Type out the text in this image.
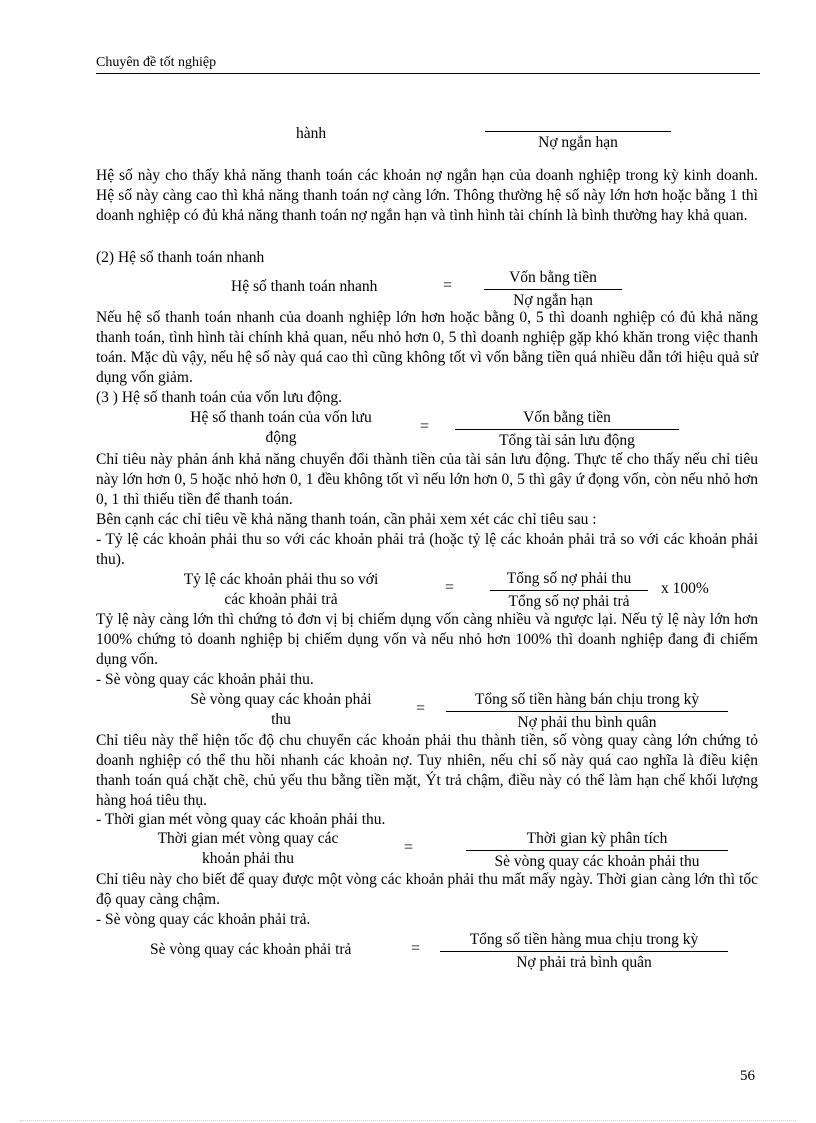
Chuyên đề tốt nghiệp
hành

Nợ ngắn hạn
Hệ số này cho thấy khả năng thanh toán các khoản nợ ngắn hạn của doanh nghiệp trong kỳ kinh doanh. Hệ số này càng cao thì khả năng thanh toán nợ càng lớn. Thông thường hệ số này lớn hơn hoặc bằng 1 thì doanh nghiệp có đủ khả năng thanh toán nợ ngắn hạn và tình hình tài chính là bình thường hay khả quan.
(2) Hệ số thanh toán nhanh
Hệ số thanh toán nhanh	=	Vốn bằng tiền
Nợ ngắn hạn
Nếu hệ số thanh toán nhanh của doanh nghiệp lớn hơn hoặc bằng 0, 5 thì doanh nghiệp có đủ khả năng thanh toán, tình hình tài chính khả quan, nếu nhỏ hơn 0, 5 thì doanh nghiệp gặp khó khăn trong việc thanh toán. Mặc dù vậy, nếu hệ số này quá cao thì cũng không tốt vì vốn bằng tiền quá nhiều dẫn tới hiệu quả sử dụng vốn giảm.
(3 ) Hệ số thanh toán của vốn lưu động.
Hệ số thanh toán của vốn lưu
động
=
Vốn bằng tiền
Tổng tài sản lưu động
Chỉ tiêu này phản ánh khả năng chuyển đổi thành tiền của tài sản lưu động. Thực tế cho thấy nếu chỉ tiêu này lớn hơn 0, 5 hoặc nhỏ hơn 0, 1 đều không tốt vì nếu lớn hơn 0, 5 thì gây ứ đọng vốn, còn nếu nhỏ hơn 0, 1 thì thiếu tiền để thanh toán.
Bên cạnh các chỉ tiêu về khả năng thanh toán, cần phải xem xét các chỉ tiêu sau :
- Tỷ lệ các khoản phải thu so với các khoản phải trả (hoặc tỷ lệ các khoản phải trả so với các khoản phải thu).
Tỷ lệ các khoản phải thu so với
các khoản phải trả
=
Tổng số nợ phải thu
Tổng số nợ phải trả
x 100%
Tỷ lệ này càng lớn thì chứng tỏ đơn vị bị chiếm dụng vốn càng nhiều và ngược lại. Nếu tỷ lệ này lớn hơn 100% chứng tỏ doanh nghiệp bị chiếm dụng vốn và nếu nhỏ hơn 100% thì doanh nghiệp đang đi chiếm dụng vốn.
- Sè vòng quay các khoản phải thu.
Sè vòng quay các khoản phải
thu
=
Tổng số tiền hàng bán chịu trong kỳ
Nợ phải thu bình quân
Chỉ tiêu này thể hiện tốc độ chu chuyển các khoản phải thu thành tiền, số vòng quay càng lớn chứng tỏ doanh nghiệp có thể thu hồi nhanh các khoản nợ. Tuy nhiên, nếu chỉ số này quá cao nghĩa là điều kiện thanh toán quá chặt chẽ, chủ yếu thu bằng tiền mặt, Ýt trả chậm, điều này có thể làm hạn chế khối lượng hàng hoá tiêu thụ.
- Thời gian mét vòng quay các khoản phải thu.
Thời gian mét vòng quay các
khoản phải thu
=
Thời gian kỳ phân tích
Sè vòng quay các khoản phải thu
Chỉ tiêu này cho biết để quay được một vòng các khoản phải thu mất mấy ngày. Thời gian càng lớn thì tốc độ quay càng chậm.
- Sè vòng quay các khoản phải trả.
Sè vòng quay các khoản phải trả	=
Tổng số tiền hàng mua chịu trong kỳ
Nợ phải trả bình quân
56
